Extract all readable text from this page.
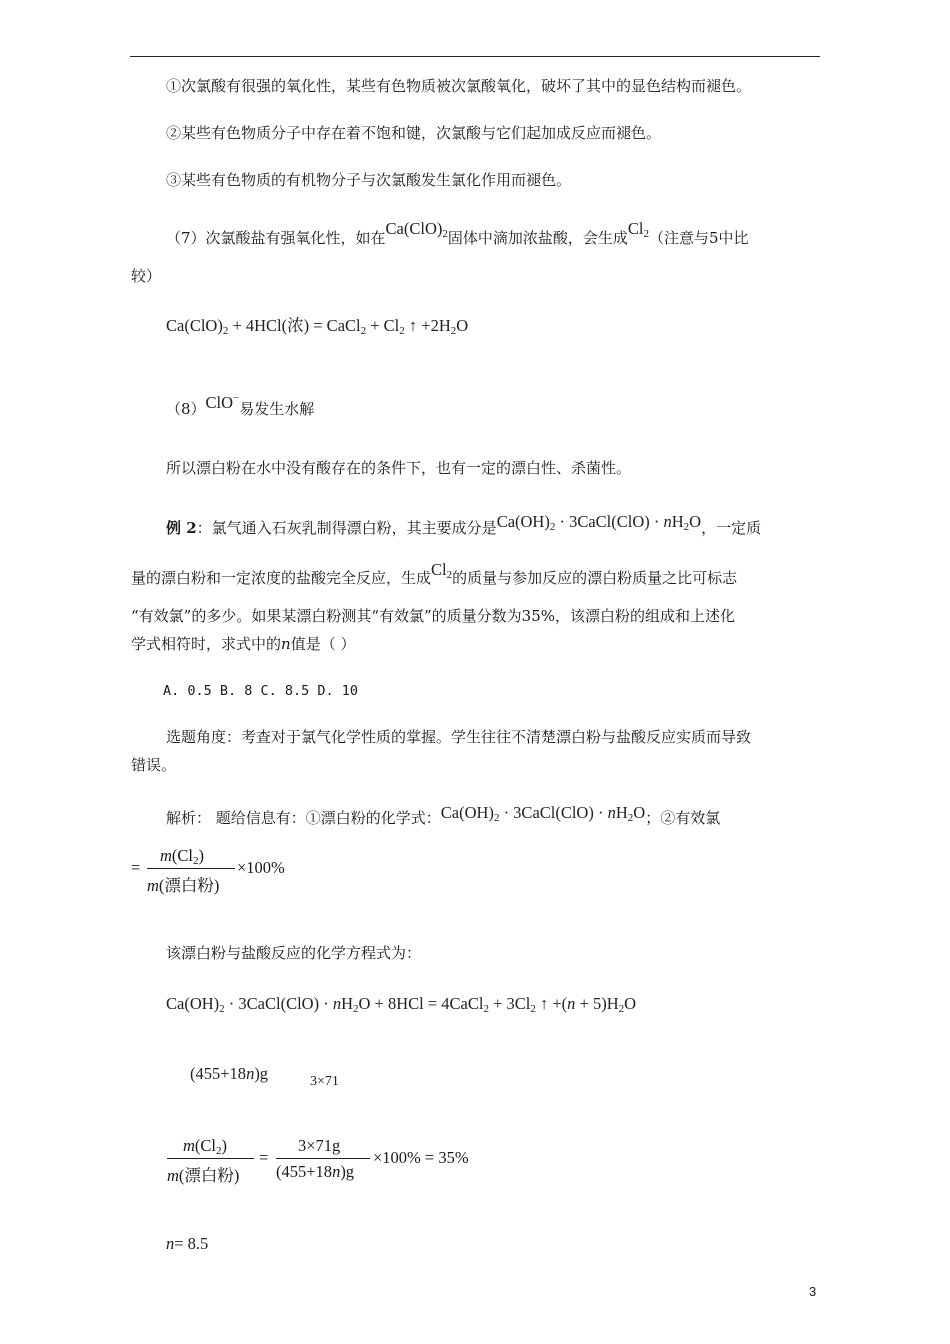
①次氯酸有很强的氧化性，某些有色物质被次氯酸氧化，破坏了其中的显色结构而褪色。
②某些有色物质分子中存在着不饱和键，次氯酸与它们起加成反应而褪色。
③某些有色物质的有机物分子与次氯酸发生氯化作用而褪色。
（7）次氯酸盐有强氧化性，如在$Ca(ClO)_2$固体中滴加浓盐酸，会生成$Cl_2$（注意与5中比
较）
$Ca(ClO)_2 + 4HCl$(浓) = CaCl$_2$ + $Cl_2$ ↑ $+2H_2O$
（8）ClO−易发生水解
所以漂白粉在水中没有酸存在的条件下，也有一定的漂白性、杀菌性。
例 2：氯气通入石灰乳制得漂白粉，其主要成分是$Ca(OH)_2$ · 3CaCl(ClO) · $nH_2O$，一定质
量的漂白粉和一定浓度的盐酸完全反应，生成$Cl_2$的质量与参加反应的漂白粉质量之比可标志
“有效氯”的多少。如果某漂白粉测其“有效氯”的质量分数为35%，该漂白粉的组成和上述化
学式相符时，求式中的n值是（ ）
A. 0.5 B. 8 C. 8.5 D. 10
选题角度：考查对于氯气化学性质的掌握。学生往往不清楚漂白粉与盐酸反应实质而导致
错误。
解析： 题给信息有：①漂白粉的化学式：$Ca(OH)_2$ · 3CaCl(ClO) · $nH_2O$；②有效氯
=
$m(Cl_2)$
m(漂白粉)
×100%
该漂白粉与盐酸反应的化学方程式为：
$Ca(OH)_2$ · 3CaCl(ClO) · $nH_2O + 8HCl$ = 4CaCl$_2$ + $3Cl_2$ ↑ $+(n + 5)H_2O$
(455+18n)g	3×71
$m(Cl_2)$
m(漂白粉)
=
3×71g
(455+18n)g
×100% = 35%
n= 8.5
3
